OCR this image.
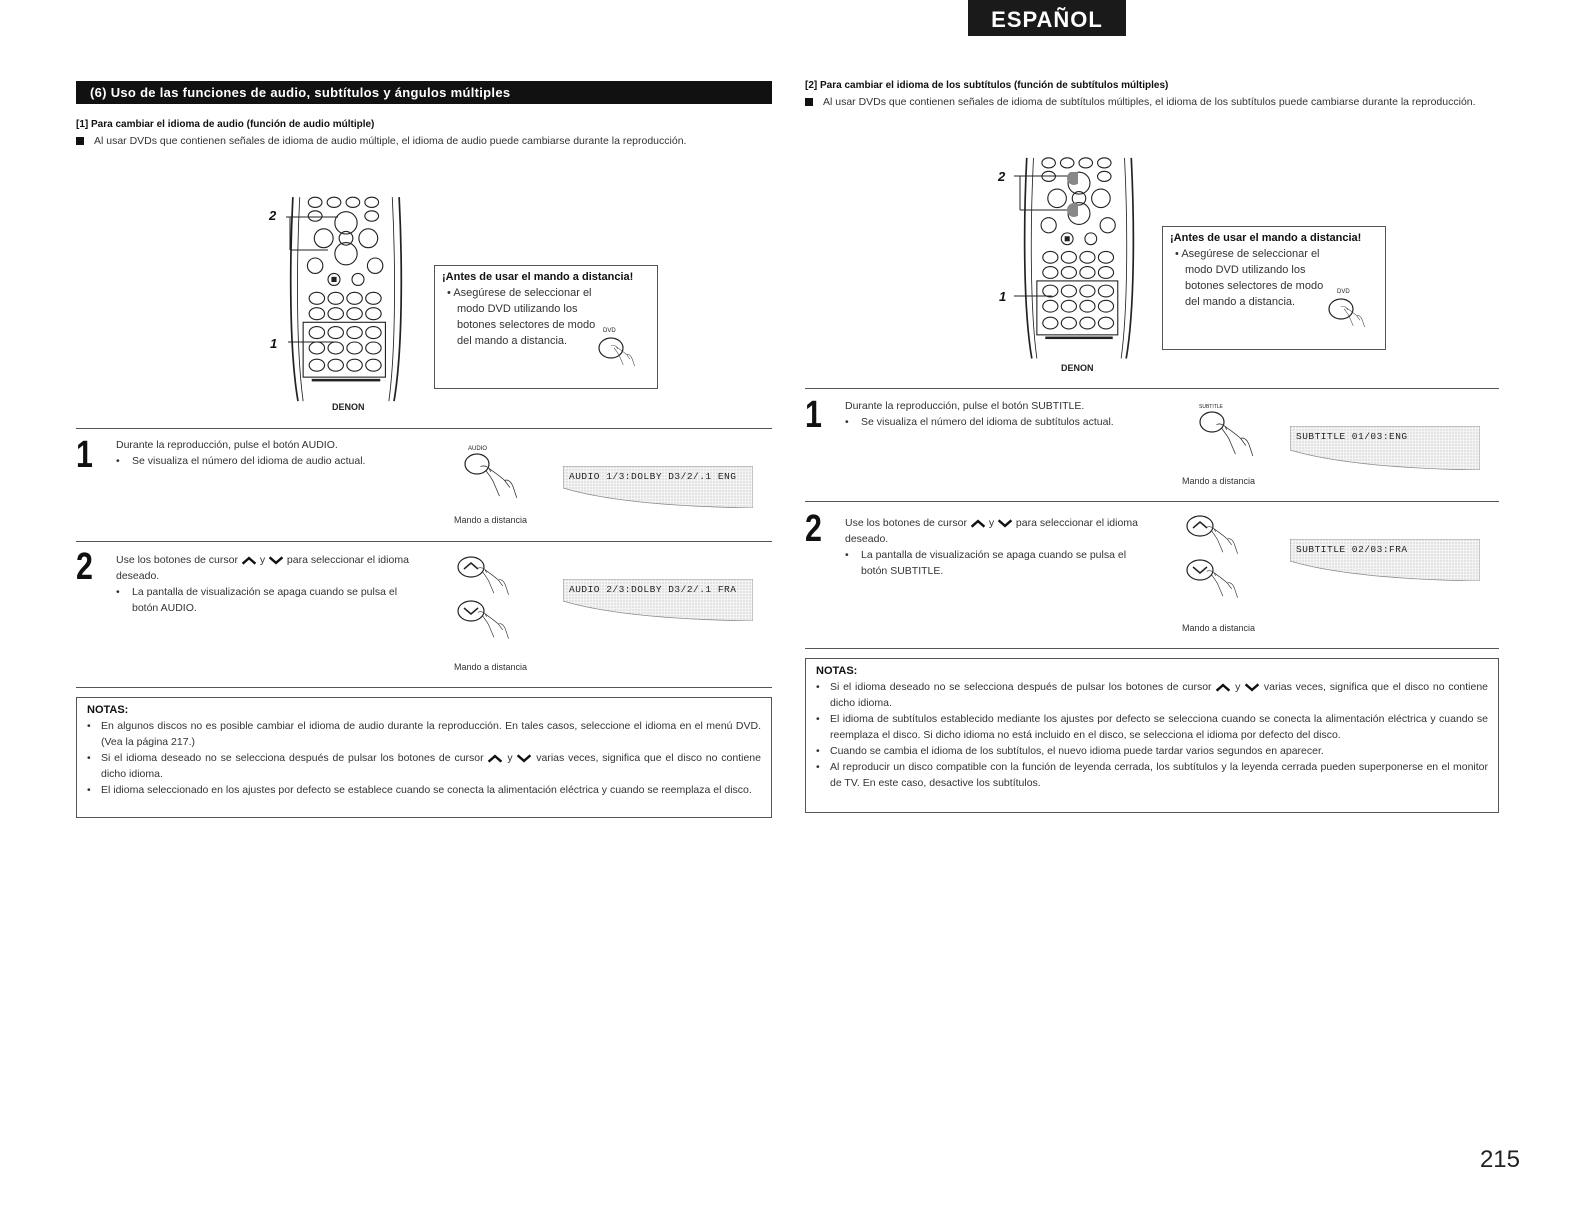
ESPAÑOL
(6) Uso de las funciones de audio, subtítulos y ángulos múltiples
[1] Para cambiar el idioma de audio (función de audio múltiple)
Al usar DVDs que contienen señales de idioma de audio múltiple, el idioma de audio puede cambiarse durante la reproducción.
2
1
DENON
¡Antes de usar el mando a distancia!
• Asegúrese de seleccionar el modo DVD utilizando los botones selectores de modo del mando a distancia.
DVD
1 Durante la reproducción, pulse el botón AUDIO.
• Se visualiza el número del idioma de audio actual.
AUDIO
AUDIO 1/3:DOLBY D3/2/.1 ENG
Mando a distancia
2 Use los botones de cursor y para seleccionar el idioma deseado.
• La pantalla de visualización se apaga cuando se pulsa el botón AUDIO.
AUDIO 2/3:DOLBY D3/2/.1 FRA
Mando a distancia
NOTAS:
• En algunos discos no es posible cambiar el idioma de audio durante la reproducción. En tales casos, seleccione el idioma en el menú DVD. (Vea la página 217.)
• Si el idioma deseado no se selecciona después de pulsar los botones de cursor y varias veces, significa que el disco no contiene dicho idioma.
• El idioma seleccionado en los ajustes por defecto se establece cuando se conecta la alimentación eléctrica y cuando se reemplaza el disco.
[2] Para cambiar el idioma de los subtítulos (función de subtítulos múltiples)
Al usar DVDs que contienen señales de idioma de subtítulos múltiples, el idioma de los subtítulos puede cambiarse durante la reproducción.
2
1
DENON
¡Antes de usar el mando a distancia!
• Asegúrese de seleccionar el modo DVD utilizando los botones selectores de modo del mando a distancia.
DVD
1 Durante la reproducción, pulse el botón SUBTITLE.
• Se visualiza el número del idioma de subtítulos actual.
SUBTITLE
SUBTITLE 01/03:ENG
Mando a distancia
2 Use los botones de cursor y para seleccionar el idioma deseado.
• La pantalla de visualización se apaga cuando se pulsa el botón SUBTITLE.
SUBTITLE 02/03:FRA
Mando a distancia
NOTAS:
• Si el idioma deseado no se selecciona después de pulsar los botones de cursor y varias veces, significa que el disco no contiene dicho idioma.
• El idioma de subtítulos establecido mediante los ajustes por defecto se selecciona cuando se conecta la alimentación eléctrica y cuando se reemplaza el disco. Si dicho idioma no está incluido en el disco, se selecciona el idioma por defecto del disco.
• Cuando se cambia el idioma de los subtítulos, el nuevo idioma puede tardar varios segundos en aparecer.
• Al reproducir un disco compatible con la función de leyenda cerrada, los subtítulos y la leyenda cerrada pueden superponerse en el monitor de TV. En este caso, desactive los subtítulos.
215
